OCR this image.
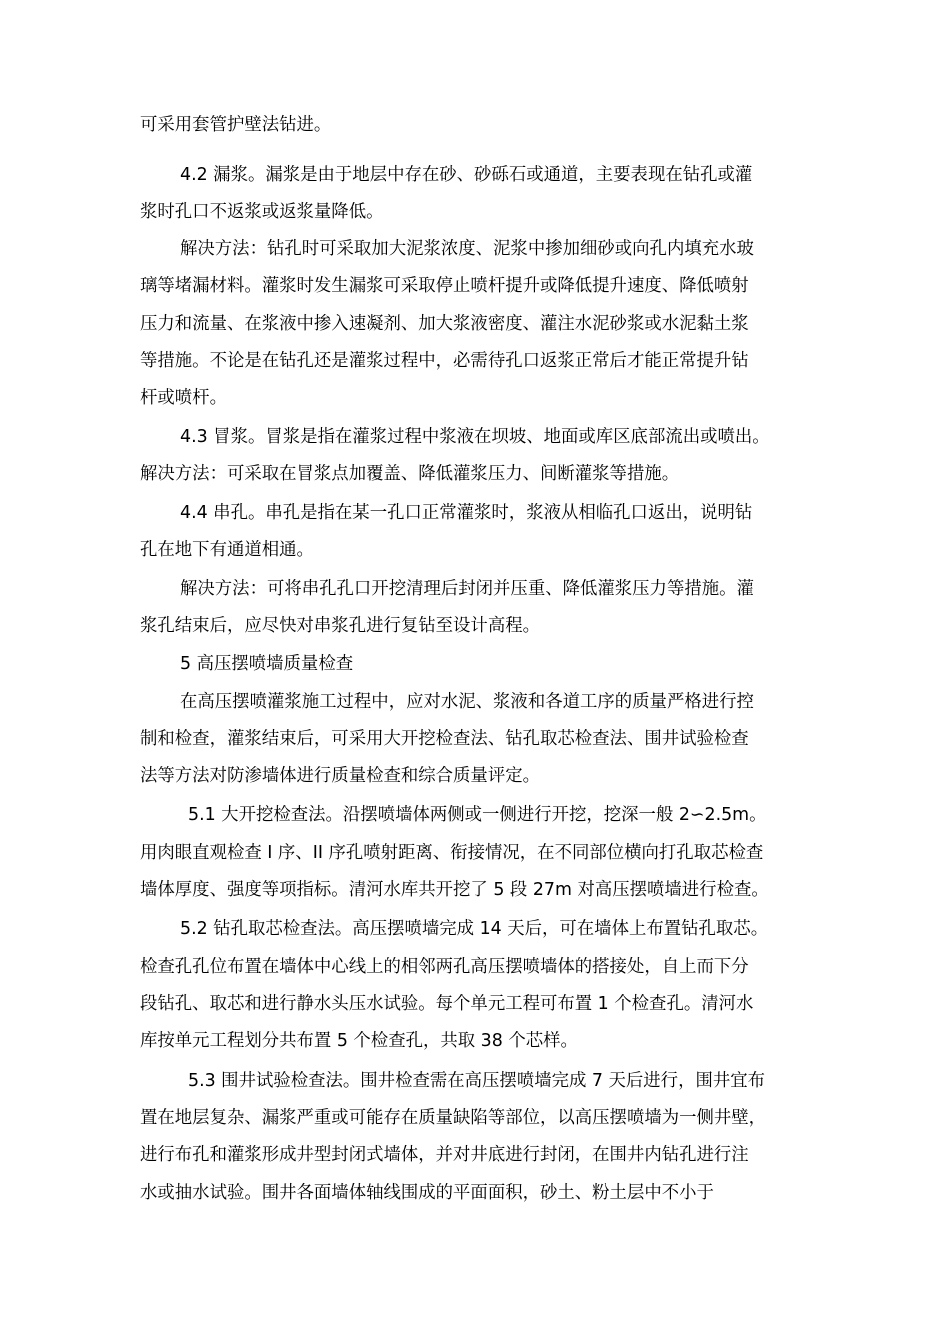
可采用套管护壁法钻进。
4.2 漏浆。漏浆是由于地层中存在砂、砂砾石或通道，主要表现在钻孔或灌
浆时孔口不返浆或返浆量降低。
解决方法：钻孔时可采取加大泥浆浓度、泥浆中掺加细砂或向孔内填充水玻
璃等堵漏材料。灌浆时发生漏浆可采取停止喷杆提升或降低提升速度、降低喷射
压力和流量、在浆液中掺入速凝剂、加大浆液密度、灌注水泥砂浆或水泥黏土浆
等措施。不论是在钻孔还是灌浆过程中，必需待孔口返浆正常后才能正常提升钻
杆或喷杆。
4.3 冒浆。冒浆是指在灌浆过程中浆液在坝坡、地面或库区底部流出或喷出。
解决方法：可采取在冒浆点加覆盖、降低灌浆压力、间断灌浆等措施。
4.4 串孔。串孔是指在某一孔口正常灌浆时，浆液从相临孔口返出，说明钻
孔在地下有通道相通。
解决方法：可将串孔孔口开挖清理后封闭并压重、降低灌浆压力等措施。灌
浆孔结束后，应尽快对串浆孔进行复钻至设计高程。
5 高压摆喷墙质量检查
在高压摆喷灌浆施工过程中，应对水泥、浆液和各道工序的质量严格进行控
制和检查，灌浆结束后，可采用大开挖检查法、钻孔取芯检查法、围井试验检查
法等方法对防渗墙体进行质量检查和综合质量评定。
5.1 大开挖检查法。沿摆喷墙体两侧或一侧进行开挖，挖深一般 2∽2.5m。
用肉眼直观检查 I 序、II 序孔喷射距离、衔接情况，在不同部位横向打孔取芯检查
墙体厚度、强度等项指标。清河水库共开挖了 5 段 27m 对高压摆喷墙进行检查。
5.2 钻孔取芯检查法。高压摆喷墙完成 14 天后，可在墙体上布置钻孔取芯。
检查孔孔位布置在墙体中心线上的相邻两孔高压摆喷墙体的搭接处，自上而下分
段钻孔、取芯和进行静水头压水试验。每个单元工程可布置 1 个检查孔。清河水
库按单元工程划分共布置 5 个检查孔，共取 38 个芯样。
5.3 围井试验检查法。围井检查需在高压摆喷墙完成 7 天后进行，围井宜布
置在地层复杂、漏浆严重或可能存在质量缺陷等部位，以高压摆喷墙为一侧井壁，
进行布孔和灌浆形成井型封闭式墙体，并对井底进行封闭，在围井内钻孔进行注
水或抽水试验。围井各面墙体轴线围成的平面面积，砂土、粉土层中不小于
